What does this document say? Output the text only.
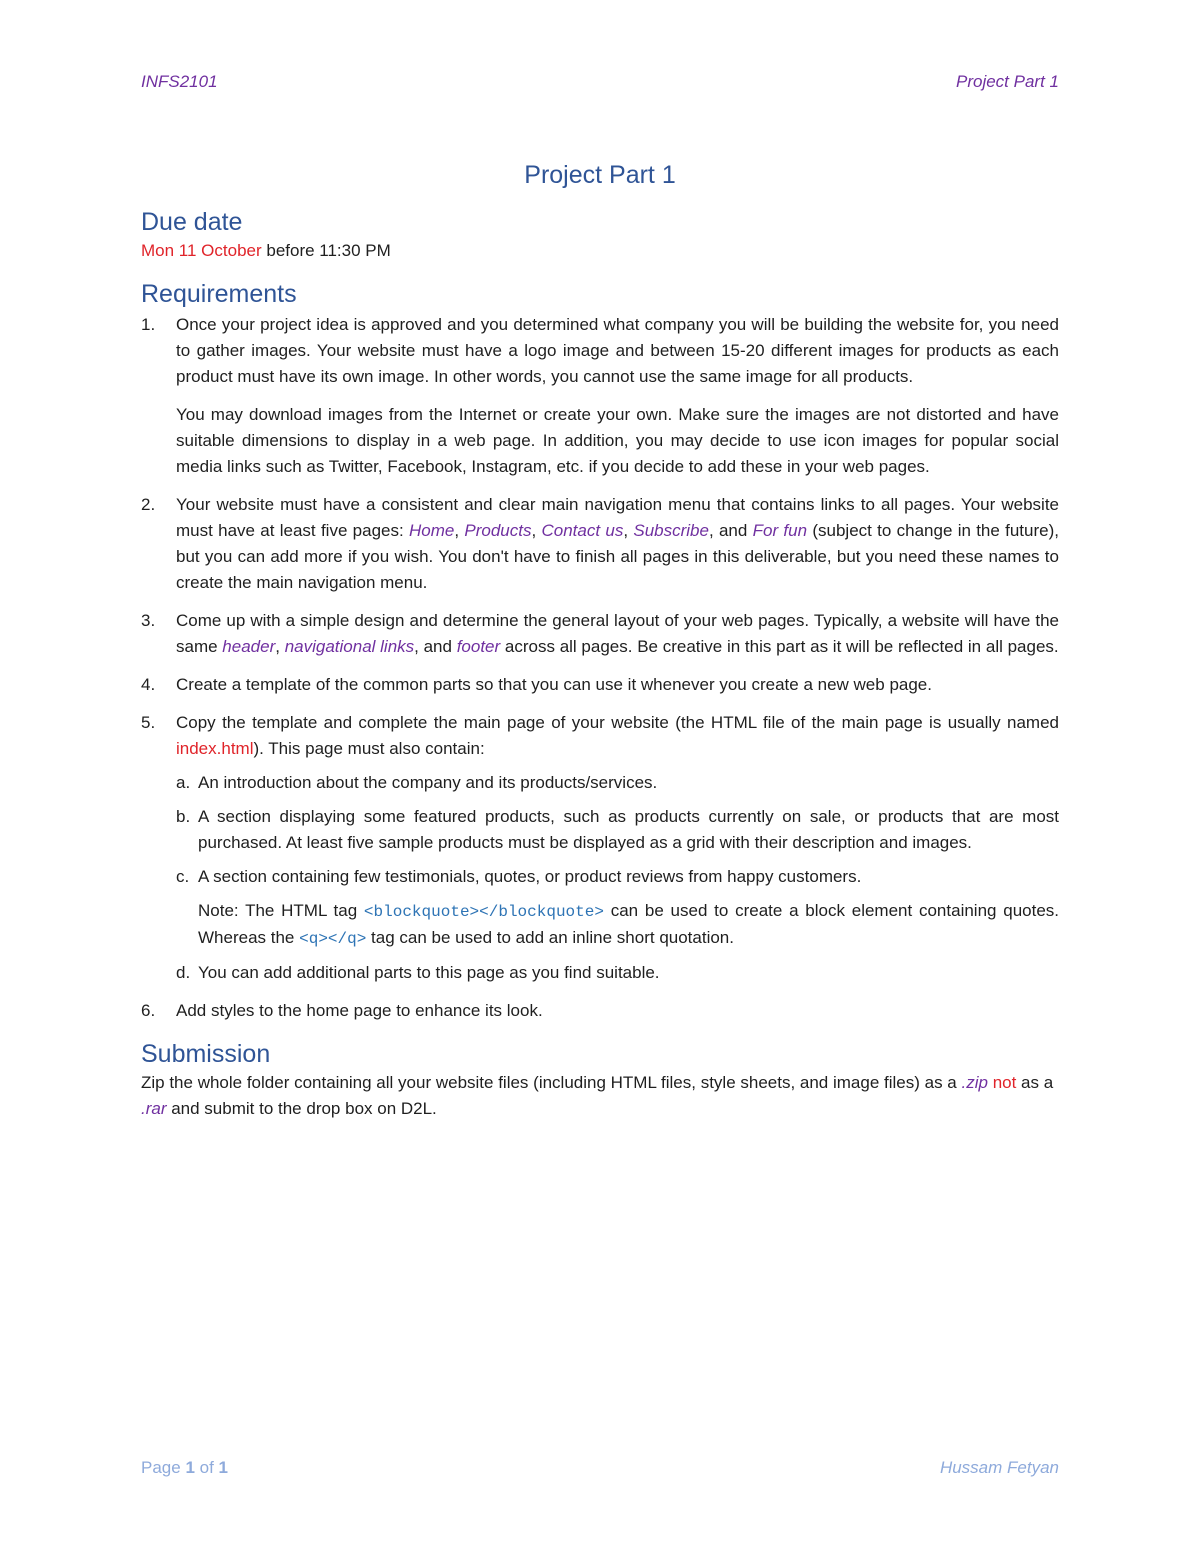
INFS2101	Project Part 1
Project Part 1
Due date

Mon 11 October before 11:30 PM

Requirements
1. Once your project idea is approved and you determined what company you will be building the website for, you need to gather images. Your website must have a logo image and between 15-20 different images for products as each product must have its own image. In other words, you cannot use the same image for all products.

You may download images from the Internet or create your own. Make sure the images are not distorted and have suitable dimensions to display in a web page. In addition, you may decide to use icon images for popular social media links such as Twitter, Facebook, Instagram, etc. if you decide to add these in your web pages.

2. Your website must have a consistent and clear main navigation menu that contains links to all pages. Your website must have at least five pages: Home, Products, Contact us, Subscribe, and For fun (subject to change in the future), but you can add more if you wish. You don't have to finish all pages in this deliverable, but you need these names to create the main navigation menu.

3. Come up with a simple design and determine the general layout of your web pages. Typically, a website will have the same header, navigational links, and footer across all pages. Be creative in this part as it will be reflected in all pages.

4. Create a template of the common parts so that you can use it whenever you create a new web page.

5. Copy the template and complete the main page of your website (the HTML file of the main page is usually named index.html). This page must also contain:

a. An introduction about the company and its products/services.

b. A section displaying some featured products, such as products currently on sale, or products that are most purchased. At least five sample products must be displayed as a grid with their description and images.

c. A section containing few testimonials, quotes, or product reviews from happy customers.

Note: The HTML tag <blockquote></blockquote> can be used to create a block element containing quotes. Whereas the <q></q> tag can be used to add an inline short quotation.

d. You can add additional parts to this page as you find suitable.

6. Add styles to the home page to enhance its look.

Submission

Zip the whole folder containing all your website files (including HTML files, style sheets, and image files) as a .zip not as a .rar and submit to the drop box on D2L.

Page 1 of 1	Hussam Fetyan
